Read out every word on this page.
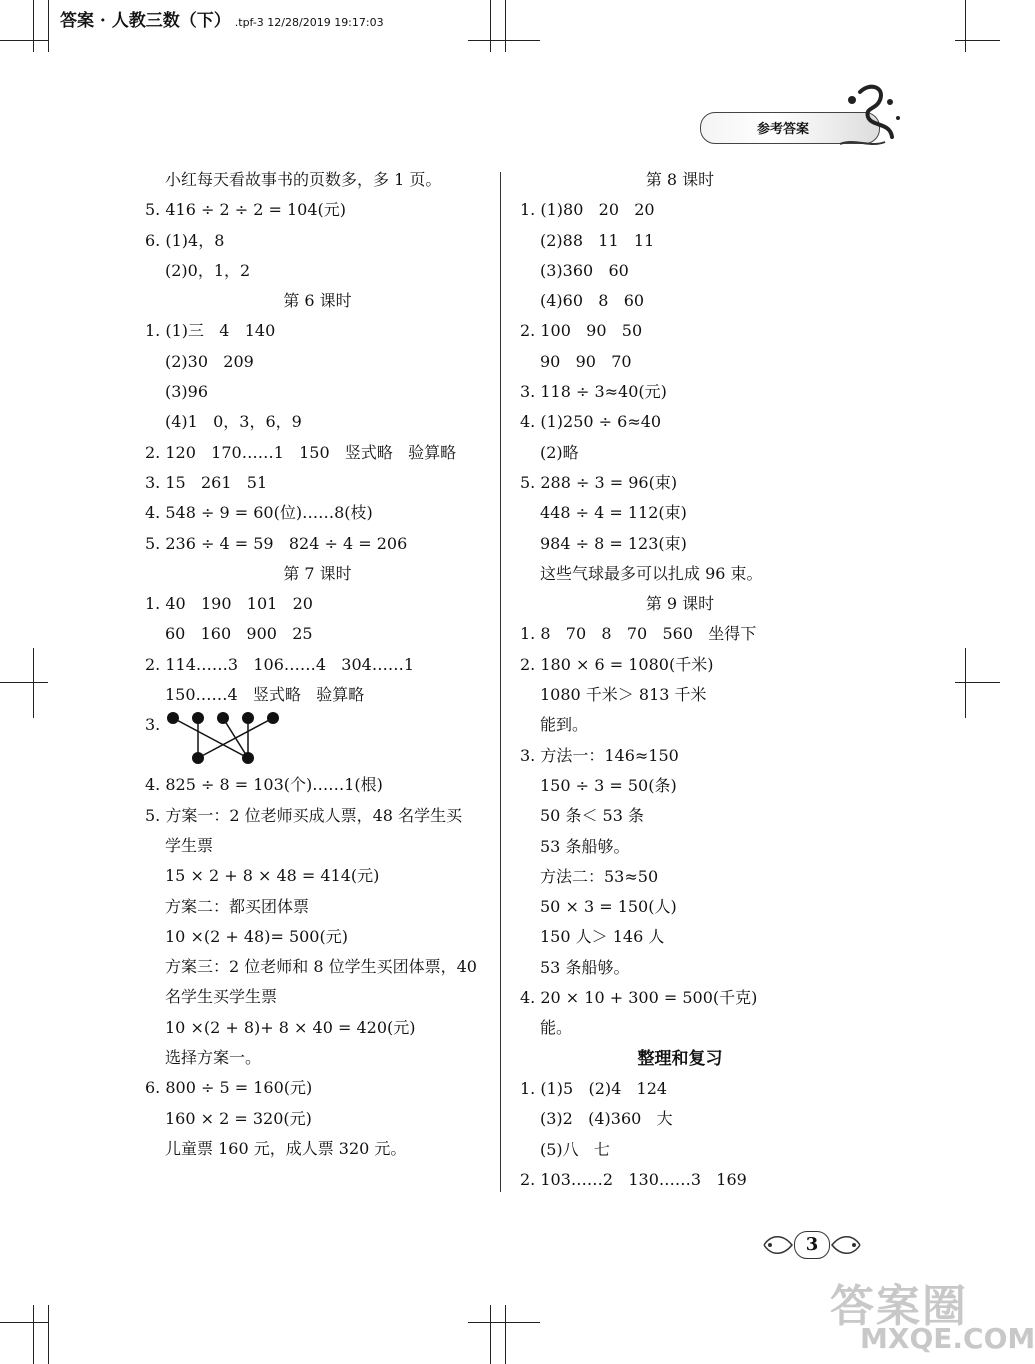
答案 · 人教三数（下） .tpf-3 12/28/2019 19:17:03
参考答案
小红每天看故事书的页数多，多 1 页。
5. 416 ÷ 2 ÷ 2 = 104(元)
6. (1)4，8
(2)0，1，2
第 6 课时
1. (1)三   4   140
(2)30   209
(3)96
(4)1   0，3，6，9
2. 120   170……1   150   竖式略   验算略
3. 15   261   51
4. 548 ÷ 9 = 60(位)……8(枝)
5. 236 ÷ 4 = 59   824 ÷ 4 = 206
第 7 课时
1. 40   190   101   20
60   160   900   25
2. 114……3   106……4   304……1
150……4   竖式略   验算略
3.
4. 825 ÷ 8 = 103(个)……1(根)
5. 方案一：2 位老师买成人票，48 名学生买
学生票
15 × 2 + 8 × 48 = 414(元)
方案二：都买团体票
10 ×(2 + 48)= 500(元)
方案三：2 位老师和 8 位学生买团体票，40
名学生买学生票
10 ×(2 + 8)+ 8 × 40 = 420(元)
选择方案一。
6. 800 ÷ 5 = 160(元)
160 × 2 = 320(元)
儿童票 160 元，成人票 320 元。
第 8 课时
1. (1)80   20   20
(2)88   11   11
(3)360   60
(4)60   8   60
2. 100   90   50
90   90   70
3. 118 ÷ 3≈40(元)
4. (1)250 ÷ 6≈40
(2)略
5. 288 ÷ 3 = 96(束)
448 ÷ 4 = 112(束)
984 ÷ 8 = 123(束)
这些气球最多可以扎成 96 束。
第 9 课时
1. 8   70   8   70   560   坐得下
2. 180 × 6 = 1080(千米)
1080 千米＞ 813 千米
能到。
3. 方法一：146≈150
150 ÷ 3 = 50(条)
50 条＜ 53 条
53 条船够。
方法二：53≈50
50 × 3 = 150(人)
150 人＞ 146 人
53 条船够。
4. 20 × 10 + 300 = 500(千克)
能。
整理和复习
1. (1)5   (2)4   124
(3)2   (4)360   大
(5)八   七
2. 103……2   130……3   169
3
答案圈
MXQE.COM
